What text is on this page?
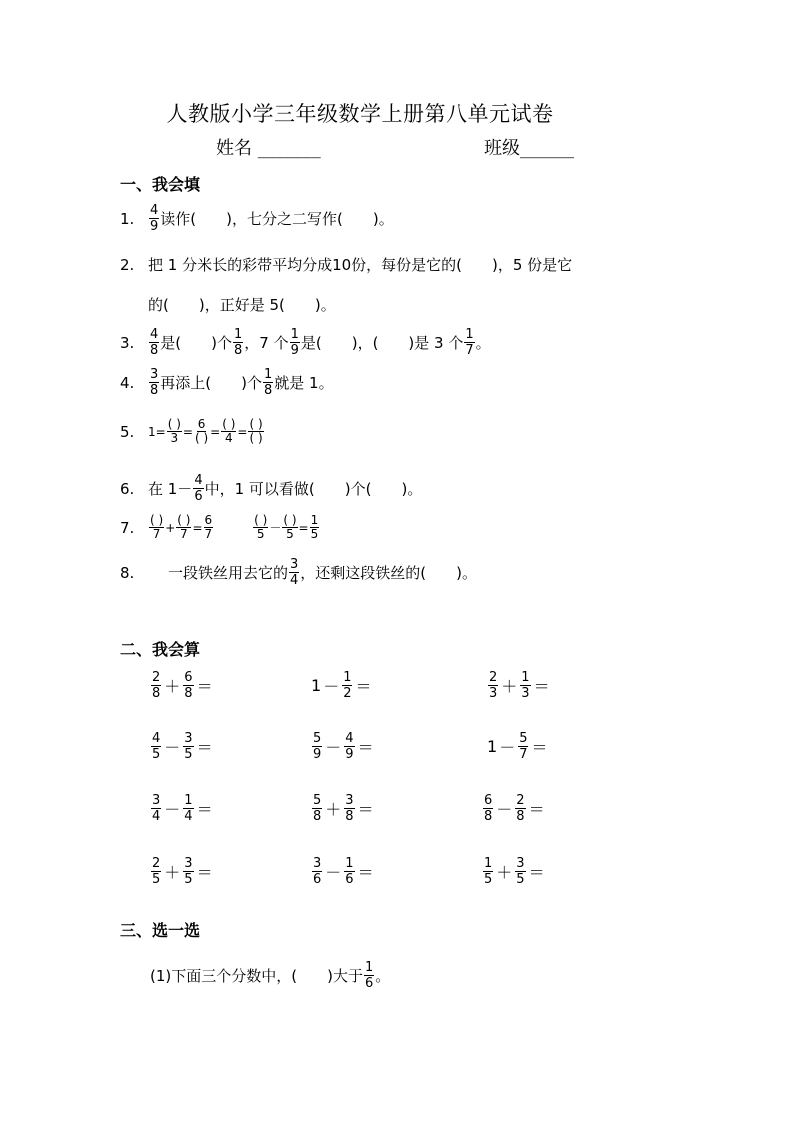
人教版小学三年级数学上册第八单元试卷
姓名 _______	班级______
一、我会填
1.	$\frac{4}{9}$ 读作(　　)，七分之二写作(　　)。
2. 把 1 分米长的彩带平均分成10份，每份是它的(　　)，5 份是它
的(　　)，正好是 5(　　)。
3.	$\frac{4}{8}$ 是(　　)个 $\frac{1}{8}$ ，7 个 $\frac{1}{9}$ 是(　　)，(　　)是 3 个 $\frac{1}{7}$ 。
4.	$\frac{3}{8}$ 再添上(　　)个 $\frac{1}{8}$ 就是 1。
5.	$1= \frac{( )}{3} = \frac{6}{( )} = \frac{( )}{4} = \frac{( )}{( )}$
6. 在 $1- \frac{4}{6}$ 中，1 可以看做(　　)个(　　)。
7.	$\frac{( )}{7} + \frac{( )}{7} = \frac{6}{7}$	$\frac{( )}{5} - \frac{( )}{5} = \frac{1}{5}$
8.	一段铁丝用去它的 $\frac{3}{4}$ ，还剩这段铁丝的(　　)。
二、我会算
$\frac{2}{8} + \frac{6}{8}$ ＝	$1 - \frac{1}{2}$ ＝	$\frac{2}{3} + \frac{1}{3}$ ＝
$\frac{4}{5} - \frac{3}{5}$ ＝	$\frac{5}{9} - \frac{4}{9}$ ＝	$1 - \frac{5}{7}$ ＝
$\frac{3}{4} - \frac{1}{4}$ ＝	$\frac{5}{8} + \frac{3}{8}$ ＝	$\frac{6}{8} - \frac{2}{8}$ ＝
$\frac{2}{5} + \frac{3}{5}$ ＝	$\frac{3}{6} - \frac{1}{6}$ ＝	$\frac{1}{5} + \frac{3}{5}$ ＝
三、选一选
(1)下面三个分数中，(　　)大于 $\frac{1}{6}$ 。
